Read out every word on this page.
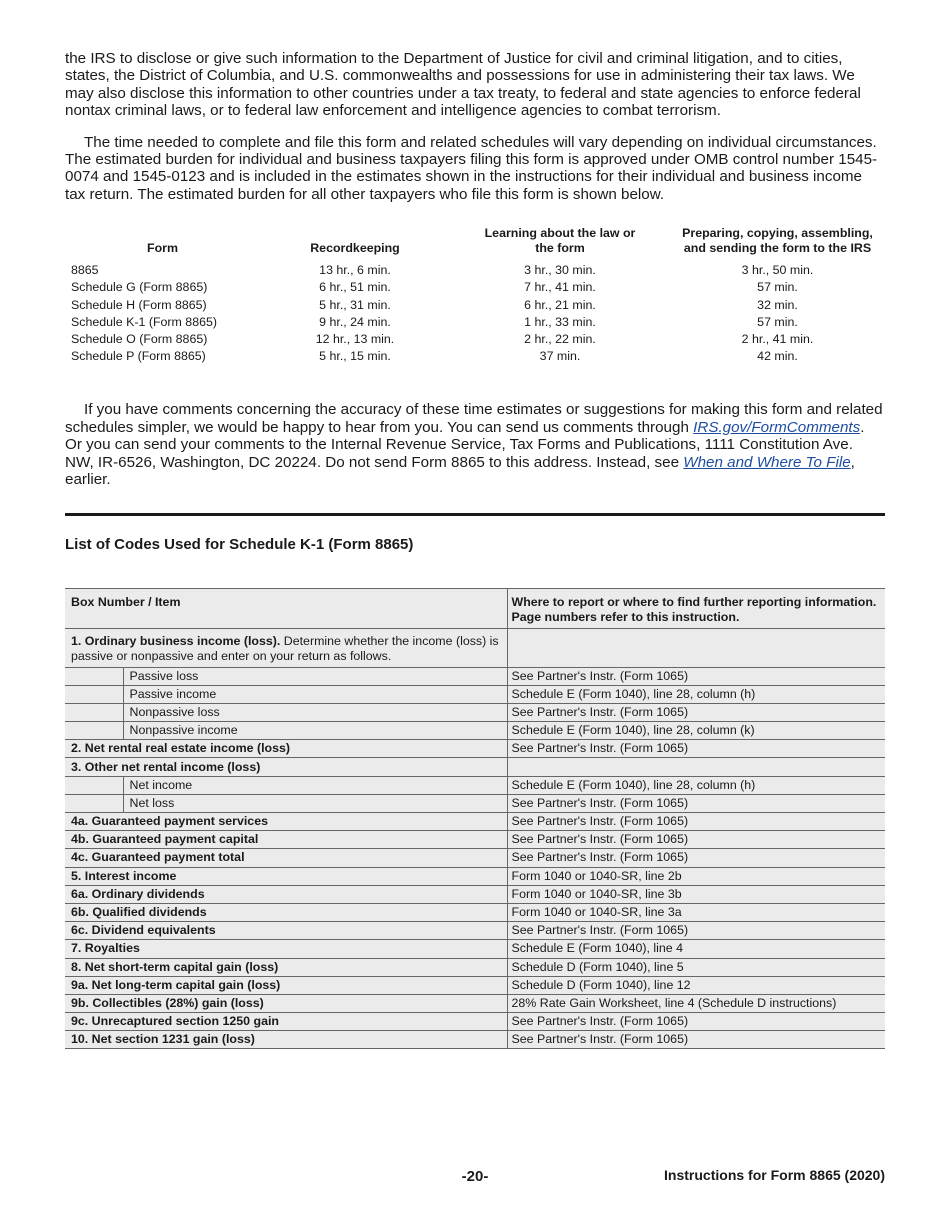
the IRS to disclose or give such information to the Department of Justice for civil and criminal litigation, and to cities, states, the District of Columbia, and U.S. commonwealths and possessions for use in administering their tax laws. We may also disclose this information to other countries under a tax treaty, to federal and state agencies to enforce federal nontax criminal laws, or to federal law enforcement and intelligence agencies to combat terrorism.

The time needed to complete and file this form and related schedules will vary depending on individual circumstances. The estimated burden for individual and business taxpayers filing this form is approved under OMB control number 1545-0074 and 1545-0123 and is included in the estimates shown in the instructions for their individual and business income tax return. The estimated burden for all other taxpayers who file this form is shown below.

Form	Recordkeeping	Learning about the law or the form	Preparing, copying, assembling, and sending the form to the IRS
8865	13 hr., 6 min.	3 hr., 30 min.	3 hr., 50 min.
Schedule G (Form 8865)	6 hr., 51 min.	7 hr., 41 min.	57 min.
Schedule H (Form 8865)	5 hr., 31 min.	6 hr., 21 min.	32 min.
Schedule K-1 (Form 8865)	9 hr., 24 min.	1 hr., 33 min.	57 min.
Schedule O (Form 8865)	12 hr., 13 min.	2 hr., 22 min.	2 hr., 41 min.
Schedule P (Form 8865)	5 hr., 15 min.	37 min.	42 min.

If you have comments concerning the accuracy of these time estimates or suggestions for making this form and related schedules simpler, we would be happy to hear from you. You can send us comments through IRS.gov/FormComments. Or you can send your comments to the Internal Revenue Service, Tax Forms and Publications, 1111 Constitution Ave. NW, IR-6526, Washington, DC 20224. Do not send Form 8865 to this address. Instead, see When and Where To File, earlier.

List of Codes Used for Schedule K-1 (Form 8865)
Box Number / Item		Where to report or where to find further reporting information. Page numbers refer to this instruction.
1. Ordinary business income (loss). Determine whether the income (loss) is passive or nonpassive and enter on your return as follows.		
	Passive loss	See Partner's Instr. (Form 1065)
	Passive income	Schedule E (Form 1040), line 28, column (h)
	Nonpassive loss	See Partner's Instr. (Form 1065)
	Nonpassive income	Schedule E (Form 1040), line 28, column (k)
2. Net rental real estate income (loss)		See Partner's Instr. (Form 1065)
3. Other net rental income (loss)		
	Net income	Schedule E (Form 1040), line 28, column (h)
	Net loss	See Partner's Instr. (Form 1065)
4a. Guaranteed payment services		See Partner's Instr. (Form 1065)
4b. Guaranteed payment capital		See Partner's Instr. (Form 1065)
4c. Guaranteed payment total		See Partner's Instr. (Form 1065)
5. Interest income		Form 1040 or 1040-SR, line 2b
6a. Ordinary dividends		Form 1040 or 1040-SR, line 3b
6b. Qualified dividends		Form 1040 or 1040-SR, line 3a
6c. Dividend equivalents		See Partner's Instr. (Form 1065)
7. Royalties		Schedule E (Form 1040), line 4
8. Net short-term capital gain (loss)		Schedule D (Form 1040), line 5
9a. Net long-term capital gain (loss)		Schedule D (Form 1040), line 12
9b. Collectibles (28%) gain (loss)		28% Rate Gain Worksheet, line 4 (Schedule D instructions)
9c. Unrecaptured section 1250 gain		See Partner's Instr. (Form 1065)
10. Net section 1231 gain (loss)		See Partner's Instr. (Form 1065)
-20-	Instructions for Form 8865 (2020)
